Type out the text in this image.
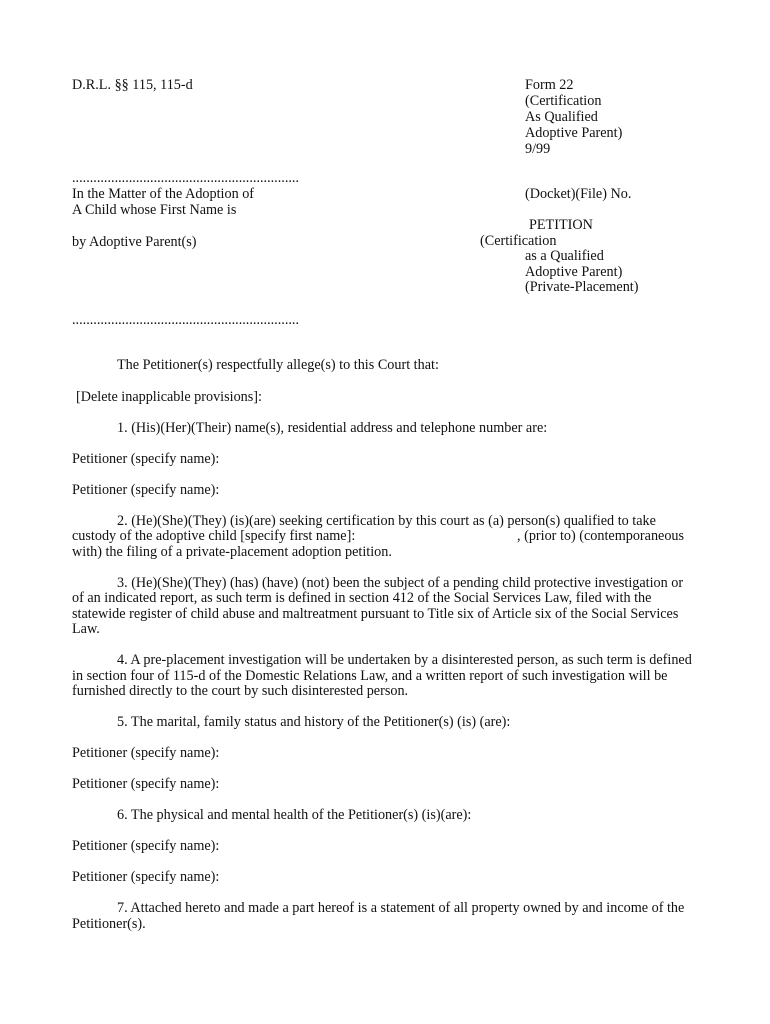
D.R.L. §§ 115, 115-d	Form 22

(Certification

As Qualified

Adoptive Parent)

9/99

................................................................

In the Matter of the Adoption of

A Child whose First Name is

by Adoptive Parent(s)

................................................................

(Docket)(File) No.

PETITION

(Certification

as a Qualified

Adoptive Parent)

(Private-Placement)

The Petitioner(s) respectfully allege(s) to this Court that:

[Delete inapplicable provisions]:

1. (His)(Her)(Their) name(s), residential address and telephone number are:

Petitioner (specify name):

Petitioner (specify name):

2. (He)(She)(They) (is)(are) seeking certification by this court as (a) person(s) qualified to take

custody of the adoptive child [specify first name]:	, (prior to) (contemporaneous

with) the filing of a private-placement adoption petition.

3. (He)(She)(They) (has) (have) (not) been the subject of a pending child protective investigation or

of an indicated report, as such term is defined in section 412 of the Social Services Law, filed with the

statewide register of child abuse and maltreatment pursuant to Title six of Article six of the Social Services

Law.

4. A pre-placement investigation will be undertaken by a disinterested person, as such term is defined

in section four of 115-d of the Domestic Relations Law, and a written report of such investigation will be

furnished directly to the court by such disinterested person.

5. The marital, family status and history of the Petitioner(s) (is) (are):

Petitioner (specify name):

Petitioner (specify name):

6. The physical and mental health of the Petitioner(s) (is)(are):

Petitioner (specify name):

Petitioner (specify name):

7. Attached hereto and made a part hereof is a statement of all property owned by and income of the

Petitioner(s).
